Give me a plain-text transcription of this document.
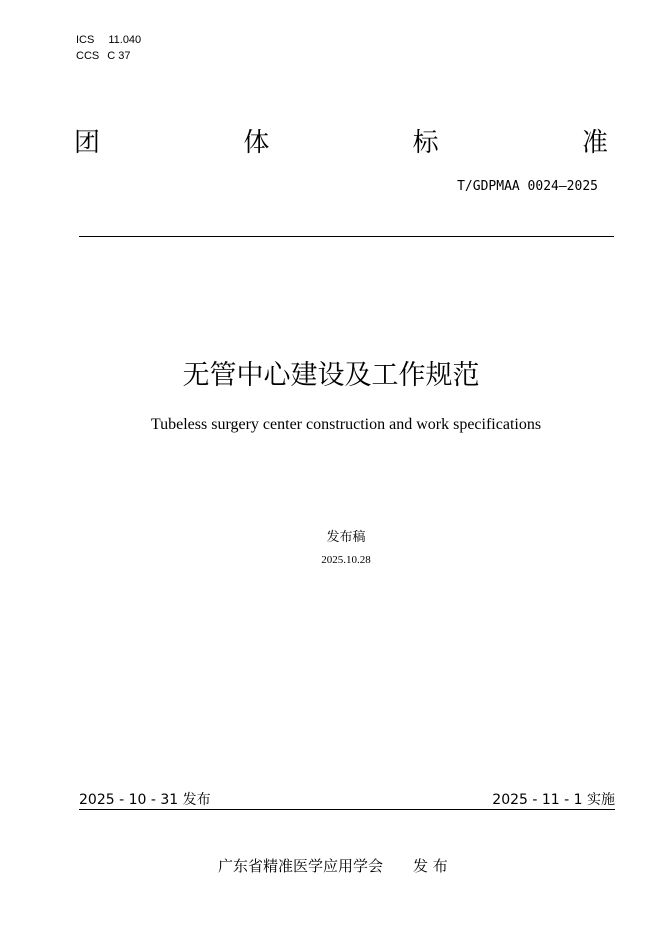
ICS 11.040
CCS C 37
团	体	标	准
T/GDPMAA 0024—2025
无管中心建设及工作规范
Tubeless surgery center construction and work specifications
发布稿
2025.10.28
2025 - 10 - 31 发布	2025 - 11 - 1 实施
广东省精准医学应用学会 发 布
